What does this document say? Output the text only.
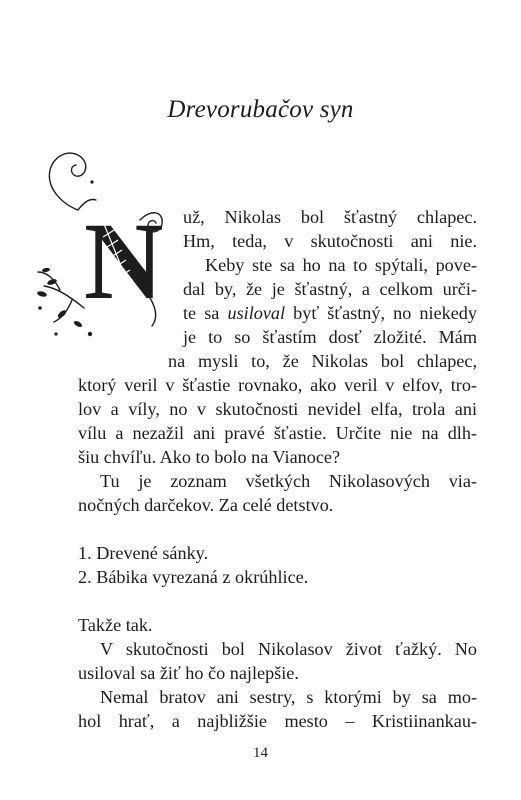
Drevorubačov syn
N už, Nikolas bol šťastný chlapec.
Hm, teda, v skutočnosti ani nie.
Keby ste sa ho na to spýtali, pove-
dal by, že je šťastný, a celkom urči-
te sa usiloval byť šťastný, no niekedy
je to so šťastím dosť zložité. Mám
na mysli to, že Nikolas bol chlapec,
ktorý veril v šťastie rovnako, ako veril v elfov, tro-
lov a víly, no v skutočnosti nevidel elfa, trola ani
vílu a nezažil ani pravé šťastie. Určite nie na dlh-
šiu chvíľu. Ako to bolo na Vianoce?
Tu je zoznam všetkých Nikolasových via-
nočných darčekov. Za celé detstvo.
1. Drevené sánky.
2. Bábika vyrezaná z okrúhlice.
Takže tak.
V skutočnosti bol Nikolasov život ťažký. No
usiloval sa žiť ho čo najlepšie.
Nemal bratov ani sestry, s ktorými by sa mo-
hol hrať, a najbližšie mesto – Kristiinankau-
14
